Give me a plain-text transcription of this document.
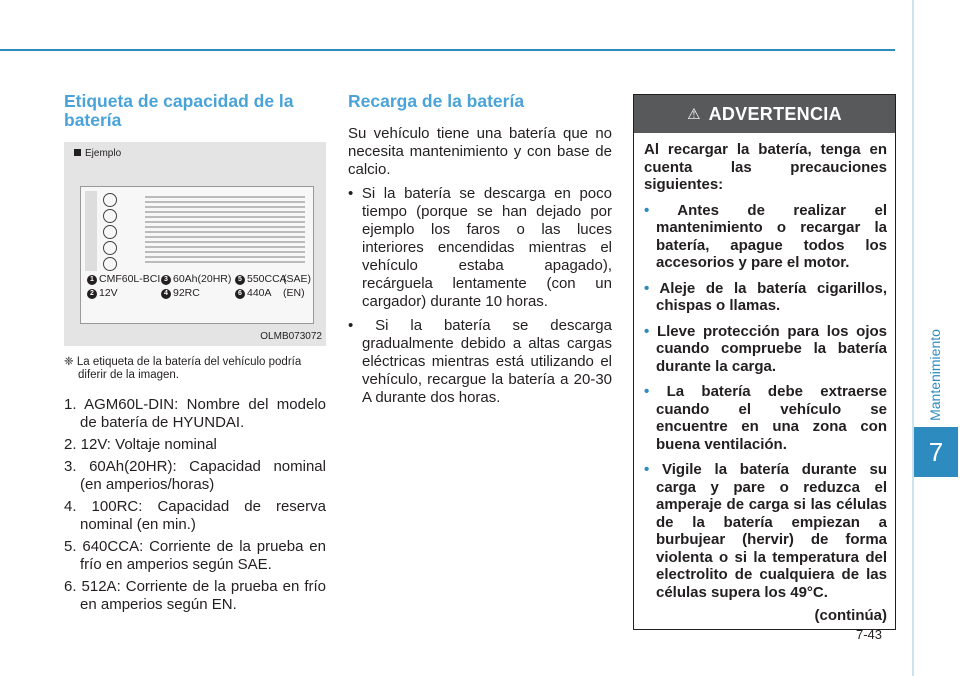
Etiqueta de capacidad de la batería
Ejemplo
1 CMF60L-BCI 3 60Ah(20HR) 5 550CCA
(SAE)
2 12V	4 92RC	6 440A (EN)
OLMB073072
❈ La etiqueta de la batería del vehículo podría diferir de la imagen.
1. AGM60L-DIN: Nombre del modelo de batería de HYUNDAI.
2. 12V: Voltaje nominal
3. 60Ah(20HR): Capacidad nominal (en amperios/horas)
4. 100RC: Capacidad de reserva nominal (en min.)
5. 640CCA: Corriente de la prueba en frío en amperios según SAE.
6. 512A: Corriente de la prueba en frío en amperios según EN.
Recarga de la batería

Su vehículo tiene una batería que no necesita mantenimiento y con base de calcio.

• Si la batería se descarga en poco tiempo (porque se han dejado por ejemplo los faros o las luces interiores encendidas mientras el vehículo estaba apagado), recárguela lentamente (con un cargador) durante 10 horas.
• Si la batería se descarga gradualmente debido a altas cargas eléctricas mientras está utilizando el vehículo, recargue la batería a 20-30 A durante dos horas.
⚠ ADVERTENCIA

Al recargar la batería, tenga en cuenta las precauciones siguientes:

• Antes de realizar el mantenimiento o recargar la batería, apague todos los accesorios y pare el motor.
• Aleje de la batería cigarillos, chispas o llamas.
• Lleve protección para los ojos cuando compruebe la batería durante la carga.
• La batería debe extraerse cuando el vehículo se encuentre en una zona con buena ventilación.
• Vigile la batería durante su carga y pare o reduzca el amperaje de carga si las células de la batería empiezan a burbujear (hervir) de forma violenta o si la temperatura del electrolito de cualquiera de las células supera los 49°C.
(continúa)
Mantenimiento
7
7-43
